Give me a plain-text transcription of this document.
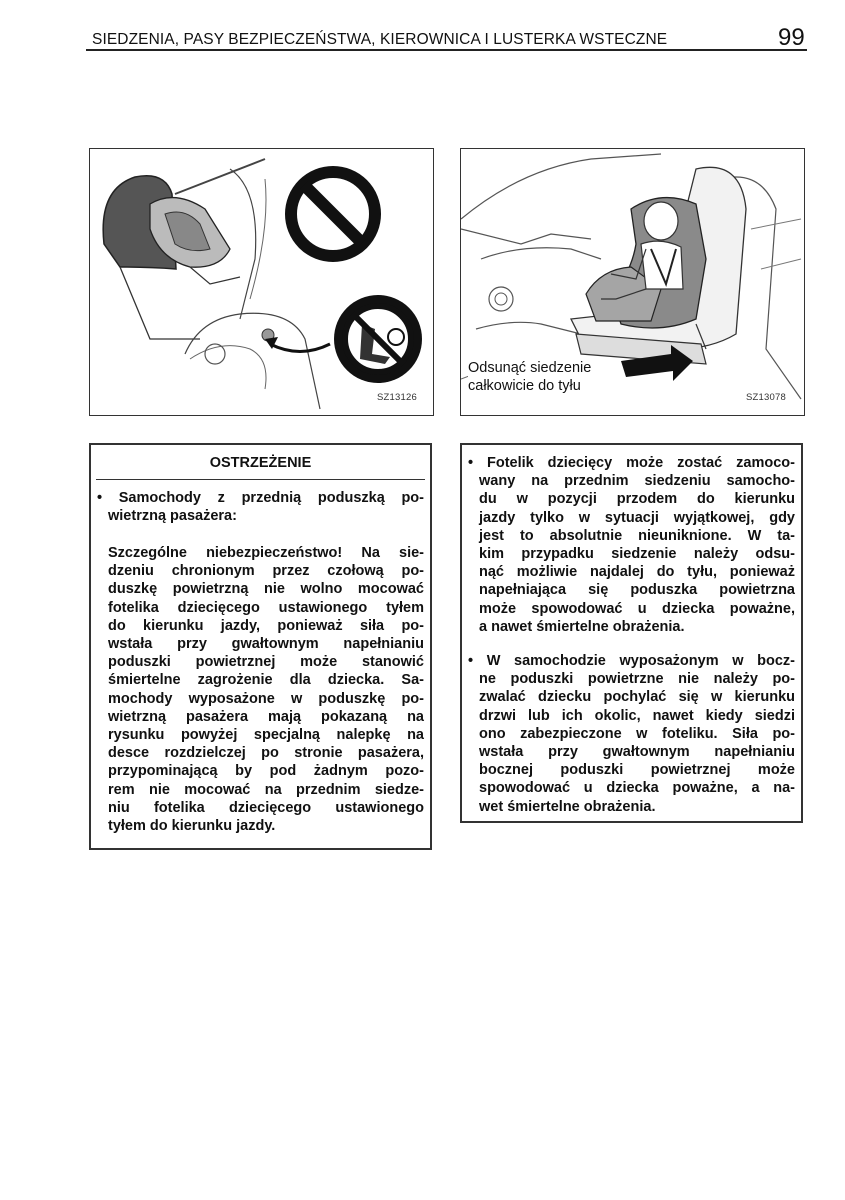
SIEDZENIA, PASY BEZPIECZEŃSTWA, KIEROWNICA I LUSTERKA WSTECZNE	99
SZ13126
Odsunąć siedzenie
całkowicie do tyłu
SZ13078
OSTRZEŻENIE
• Samochody z przednią poduszką po-
wietrzną pasażera:
Szczególne niebezpieczeństwo! Na sie-
dzeniu chronionym przez czołową po-
duszkę powietrzną nie wolno mocować
fotelika dziecięcego ustawionego tyłem
do kierunku jazdy, ponieważ siła po-
wstała przy gwałtownym napełnianiu
poduszki powietrznej może stanowić
śmiertelne zagrożenie dla dziecka. Sa-
mochody wyposażone w poduszkę po-
wietrzną pasażera mają pokazaną na
rysunku powyżej specjalną nalepkę na
desce rozdzielczej po stronie pasażera,
przypominającą by pod żadnym pozo-
rem nie mocować na przednim siedze-
niu fotelika dziecięcego ustawionego
tyłem do kierunku jazdy.
• Fotelik dziecięcy może zostać zamoco-
wany na przednim siedzeniu samocho-
du w pozycji przodem do kierunku
jazdy tylko w sytuacji wyjątkowej, gdy
jest to absolutnie nieuniknione. W ta-
kim przypadku siedzenie należy odsu-
nąć możliwie najdalej do tyłu, ponieważ
napełniająca się poduszka powietrzna
może spowodować u dziecka poważne,
a nawet śmiertelne obrażenia.
• W samochodzie wyposażonym w bocz-
ne poduszki powietrzne nie należy po-
zwalać dziecku pochylać się w kierunku
drzwi lub ich okolic, nawet kiedy siedzi
ono zabezpieczone w foteliku. Siła po-
wstała przy gwałtownym napełnianiu
bocznej poduszki powietrznej może
spowodować u dziecka poważne, a na-
wet śmiertelne obrażenia.
